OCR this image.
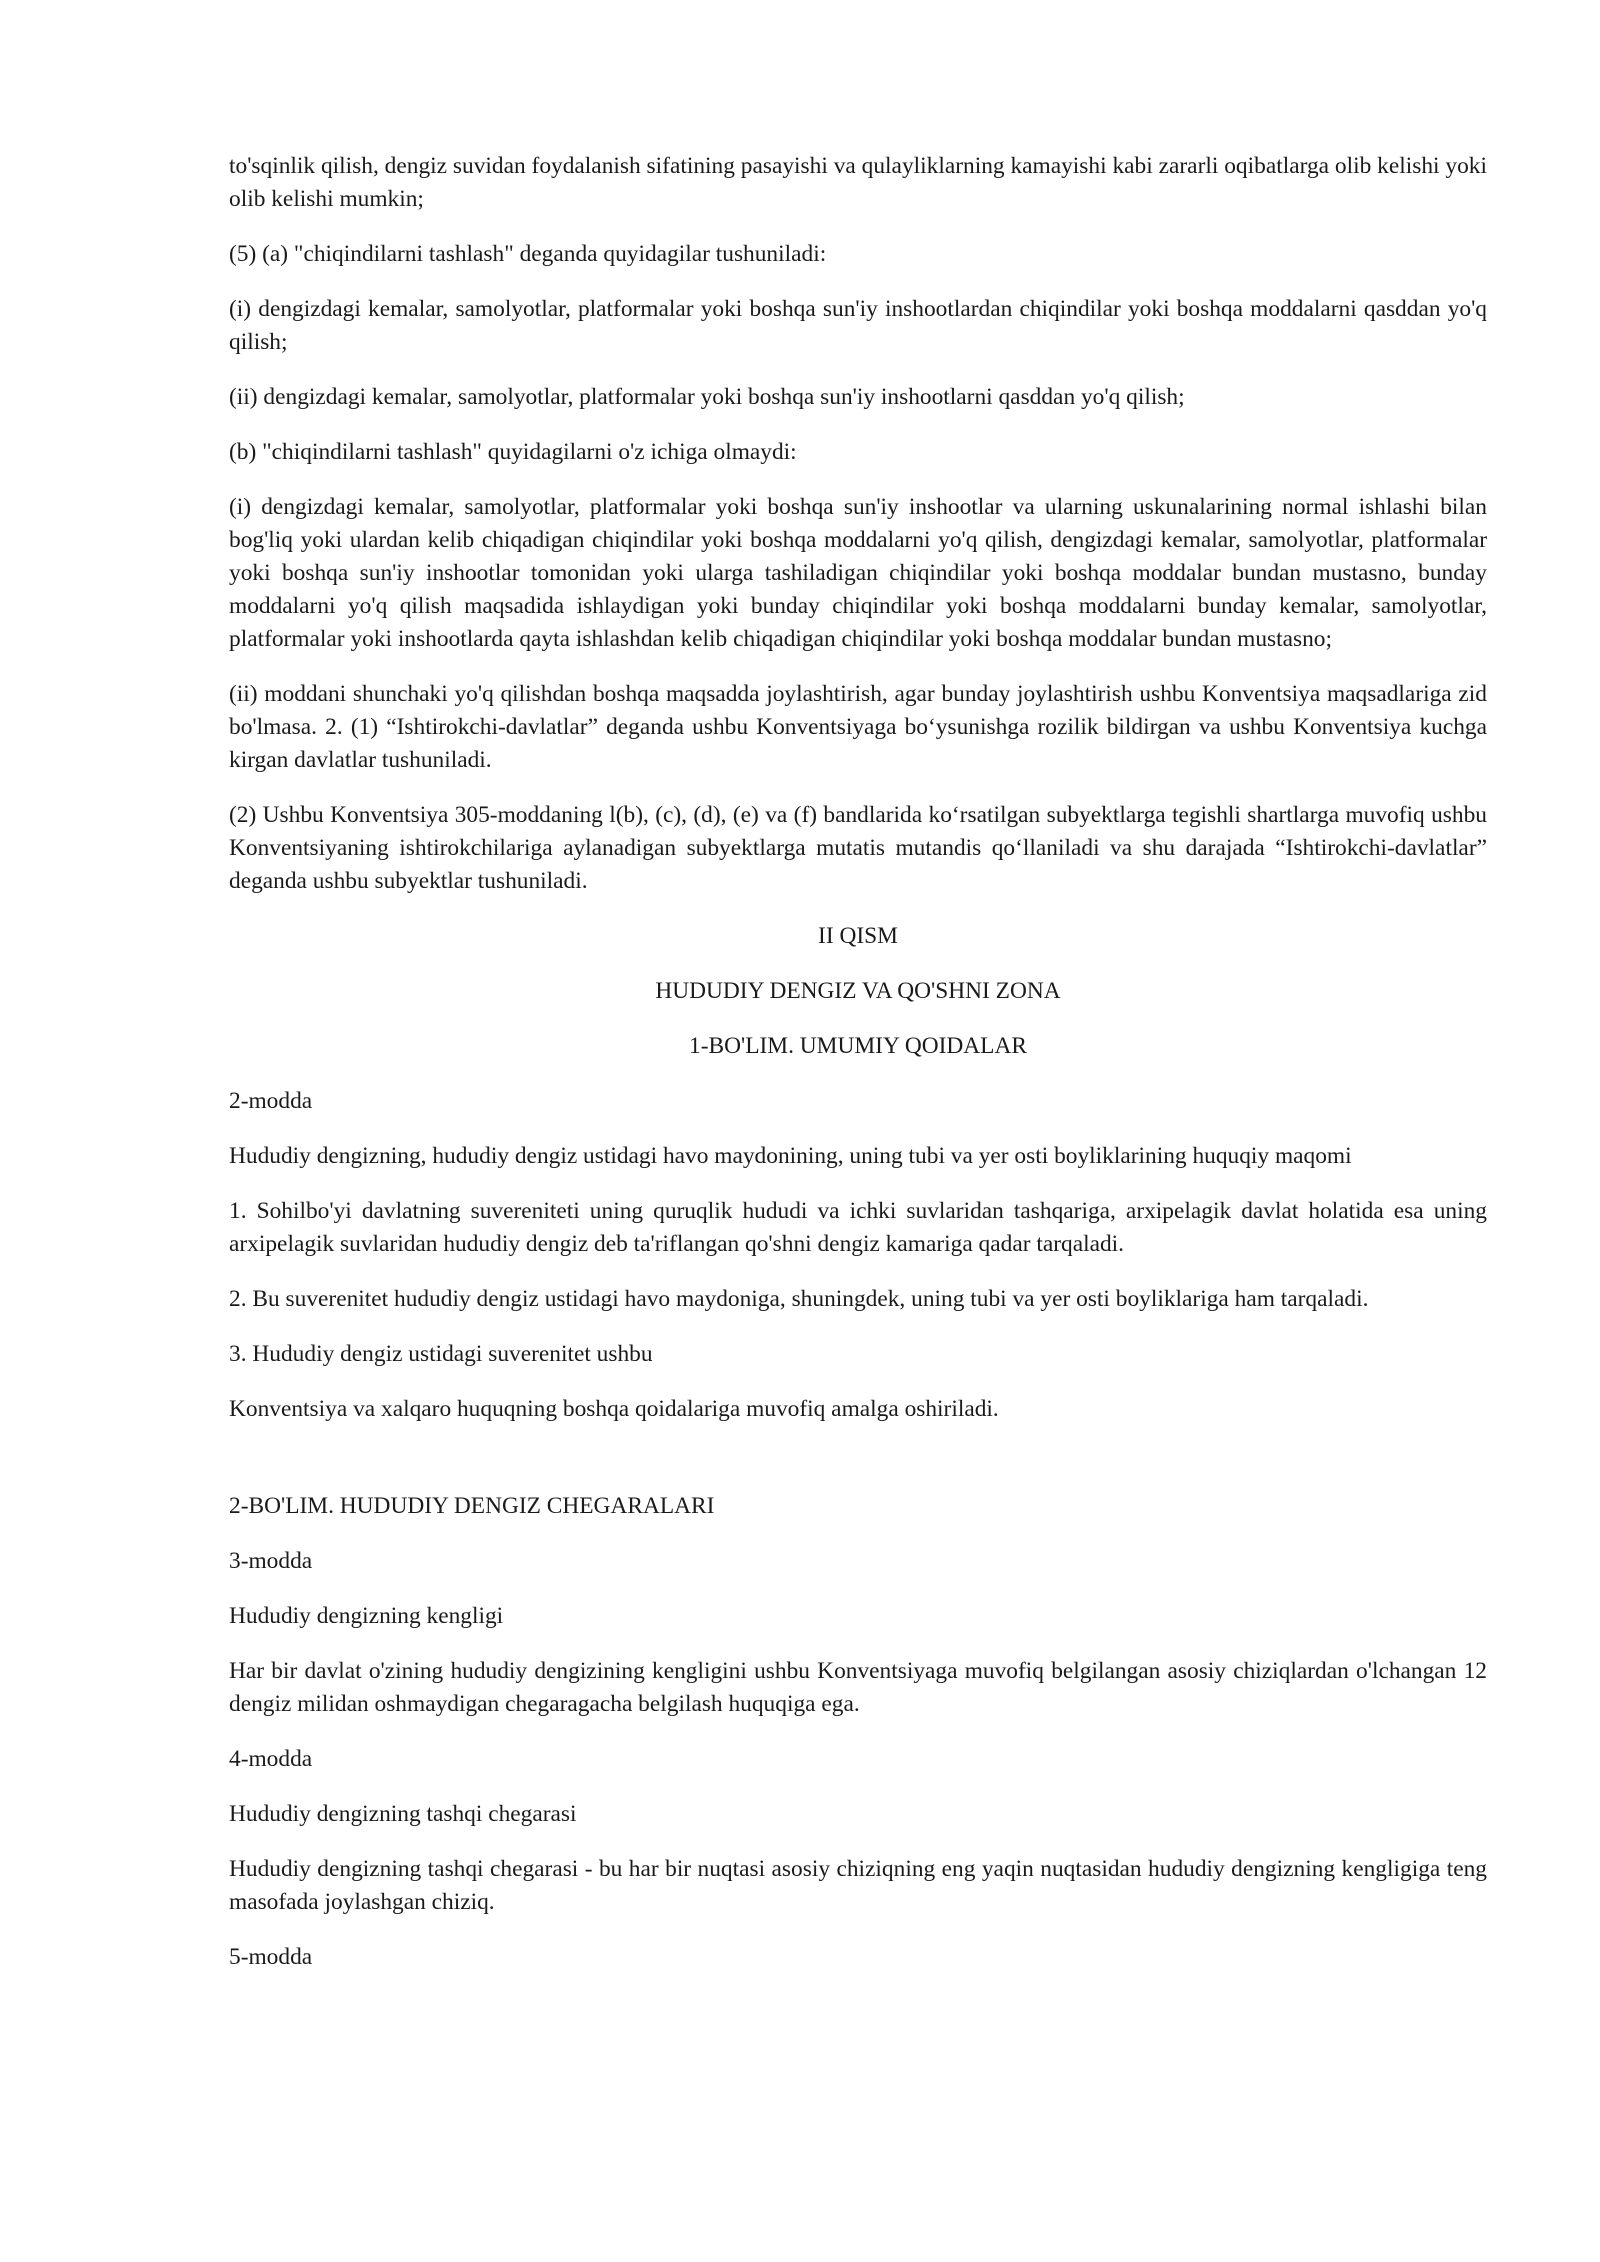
to'sqinlik qilish, dengiz suvidan foydalanish sifatining pasayishi va qulayliklarning kamayishi kabi zararli oqibatlarga olib kelishi yoki olib kelishi mumkin;

(5) (a) "chiqindilarni tashlash" deganda quyidagilar tushuniladi:

(i) dengizdagi kemalar, samolyotlar, platformalar yoki boshqa sun'iy inshootlardan chiqindilar yoki boshqa moddalarni qasddan yo'q qilish;

(ii) dengizdagi kemalar, samolyotlar, platformalar yoki boshqa sun'iy inshootlarni qasddan yo'q qilish;

(b) "chiqindilarni tashlash" quyidagilarni o'z ichiga olmaydi:

(i) dengizdagi kemalar, samolyotlar, platformalar yoki boshqa sun'iy inshootlar va ularning uskunalarining normal ishlashi bilan bog'liq yoki ulardan kelib chiqadigan chiqindilar yoki boshqa moddalarni yo'q qilish, dengizdagi kemalar, samolyotlar, platformalar yoki boshqa sun'iy inshootlar tomonidan yoki ularga tashiladigan chiqindilar yoki boshqa moddalar bundan mustasno, bunday moddalarni yo'q qilish maqsadida ishlaydigan yoki bunday chiqindilar yoki boshqa moddalarni bunday kemalar, samolyotlar, platformalar yoki inshootlarda qayta ishlashdan kelib chiqadigan chiqindilar yoki boshqa moddalar bundan mustasno;

(ii) moddani shunchaki yo'q qilishdan boshqa maqsadda joylashtirish, agar bunday joylashtirish ushbu Konventsiya maqsadlariga zid bo'lmasa. 2. (1) “Ishtirokchi-davlatlar” deganda ushbu Konventsiyaga bo‘ysunishga rozilik bildirgan va ushbu Konventsiya kuchga kirgan davlatlar tushuniladi.

(2) Ushbu Konventsiya 305-moddaning l(b), (c), (d), (e) va (f) bandlarida ko‘rsatilgan subyektlarga tegishli shartlarga muvofiq ushbu Konventsiyaning ishtirokchilariga aylanadigan subyektlarga mutatis mutandis qo‘llaniladi va shu darajada “Ishtirokchi-davlatlar” deganda ushbu subyektlar tushuniladi.

II QISM

HUDUDIY DENGIZ VA QO'SHNI ZONA

1-BO'LIM. UMUMIY QOIDALAR

2-modda

Hududiy dengizning, hududiy dengiz ustidagi havo maydonining, uning tubi va yer osti boyliklarining huquqiy maqomi

1. Sohilbo'yi davlatning suvereniteti uning quruqlik hududi va ichki suvlaridan tashqariga, arxipelagik davlat holatida esa uning arxipelagik suvlaridan hududiy dengiz deb ta'riflangan qo'shni dengiz kamariga qadar tarqaladi.

2. Bu suverenitet hududiy dengiz ustidagi havo maydoniga, shuningdek, uning tubi va yer osti boyliklariga ham tarqaladi.

3. Hududiy dengiz ustidagi suverenitet ushbu

Konventsiya va xalqaro huquqning boshqa qoidalariga muvofiq amalga oshiriladi.

2-BO'LIM. HUDUDIY DENGIZ CHEGARALARI

3-modda

Hududiy dengizning kengligi

Har bir davlat o'zining hududiy dengizining kengligini ushbu Konventsiyaga muvofiq belgilangan asosiy chiziqlardan o'lchangan 12 dengiz milidan oshmaydigan chegaragacha belgilash huquqiga ega.

4-modda

Hududiy dengizning tashqi chegarasi

Hududiy dengizning tashqi chegarasi - bu har bir nuqtasi asosiy chiziqning eng yaqin nuqtasidan hududiy dengizning kengligiga teng masofada joylashgan chiziq.

5-modda
